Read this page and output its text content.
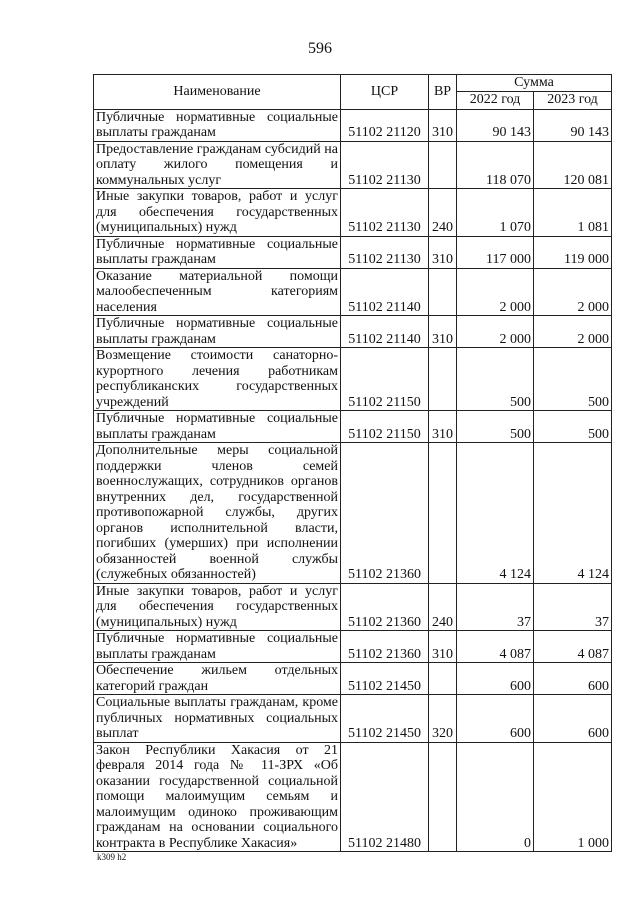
596
Наименование	ЦСР	ВР	Сумма	
			2022 год	2023 год
Публичные нормативные социальные выплаты гражданам	51102 21120	310	90 143	90 143
Предоставление гражданам субсидий на оплату жилого помещения и коммунальных услуг	51102 21130		118 070	120 081
Иные закупки товаров, работ и услуг для обеспечения государственных (муниципальных) нужд	51102 21130	240	1 070	1 081
Публичные нормативные социальные выплаты гражданам	51102 21130	310	117 000	119 000
Оказание материальной помощи малообеспеченным категориям населения	51102 21140		2 000	2 000
Публичные нормативные социальные выплаты гражданам	51102 21140	310	2 000	2 000
Возмещение стоимости санаторно-курортного лечения работникам республиканских государственных учреждений	51102 21150		500	500
Публичные нормативные социальные выплаты гражданам	51102 21150	310	500	500
Дополнительные меры социальной поддержки членов семей военнослужащих, сотрудников органов внутренних дел, государственной противопожарной службы, других органов исполнительной власти, погибших (умерших) при исполнении обязанностей военной службы (служебных обязанностей)	51102 21360		4 124	4 124
Иные закупки товаров, работ и услуг для обеспечения государственных (муниципальных) нужд	51102 21360	240	37	37
Публичные нормативные социальные выплаты гражданам	51102 21360	310	4 087	4 087
Обеспечение жильем отдельных категорий граждан	51102 21450		600	600
Социальные выплаты гражданам, кроме публичных нормативных социальных выплат	51102 21450	320	600	600
Закон Республики Хакасия от 21 февраля 2014 года № 11-ЗРХ «Об оказании государственной социальной помощи малоимущим семьям и малоимущим одиноко проживающим гражданам на основании социального контракта в Республике Хакасия»	51102 21480		0	1 000
k309 h2
